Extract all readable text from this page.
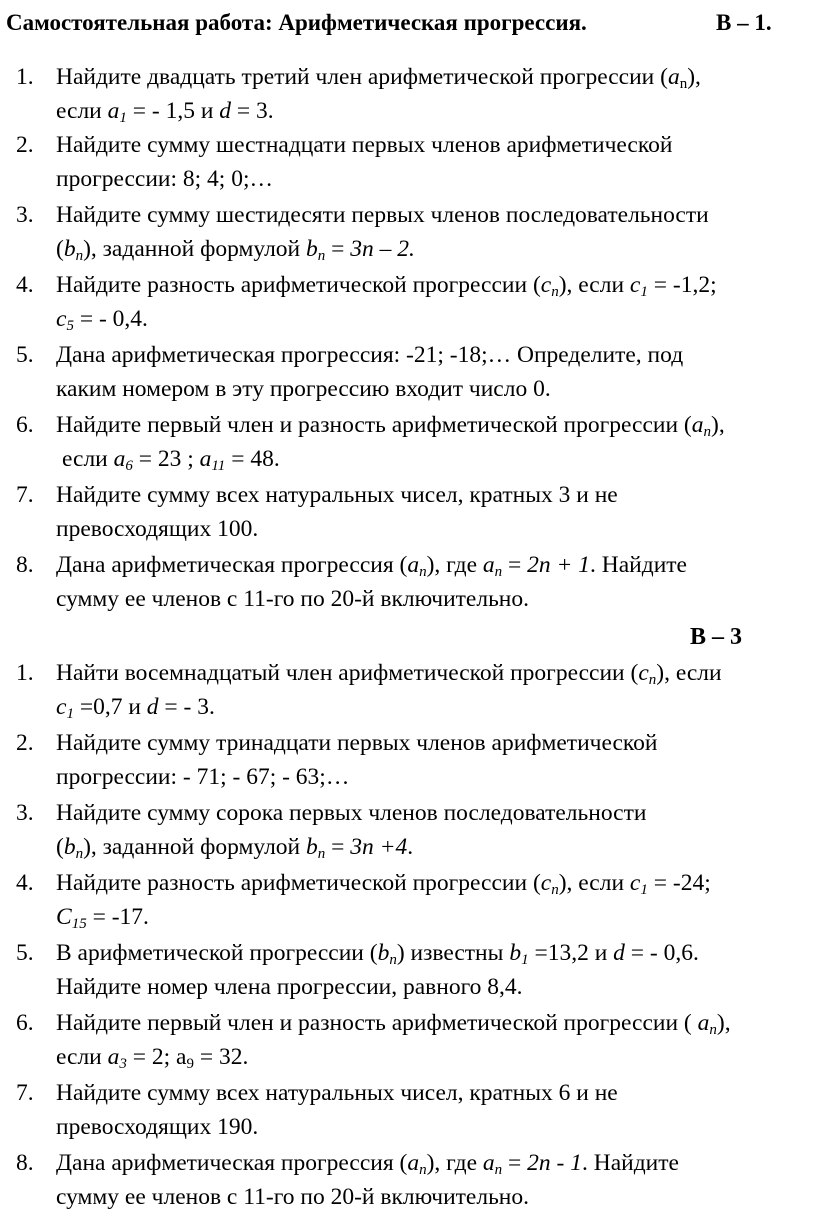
Самостоятельная работа: Арифметическая прогрессия.	В – 1.
1. Найдите двадцать третий член арифметической прогрессии $(а_n)$,
если $a_1$ = - 1,5 и d = 3.
2. Найдите сумму шестнадцати первых членов арифметической
прогрессии: 8; 4; 0;…
3. Найдите сумму шестидесяти первых членов последовательности
$(b_n)$, заданной формулой $b_n = 3n - 2$.
4. Найдите разность арифметической прогрессии $(c_n)$, если $c_1 = -1,2$;
$c_5$ = - 0,4.
5. Дана арифметическая прогрессия: -21; -18;… Определите, под
каким номером в эту прогрессию входит число 0.
6. Найдите первый член и разность арифметической прогрессии $(a_n)$,
если $a_6 = 23$ ; $a_{11} = 48$.
7. Найдите сумму всех натуральных чисел, кратных 3 и не
превосходящих 100.
8. Дана арифметическая прогрессия $(a_n)$, где $a_n = 2n + 1$. Найдите
сумму ее членов с 11-го по 20-й включительно.
В – 3
1. Найти восемнадцатый член арифметической прогрессии $(c_n)$, если
$c_1 =0,7$ и d = - 3.
2. Найдите сумму тринадцати первых членов арифметической
прогрессии: - 71; - 67; - 63;…
3. Найдите сумму сорока первых членов последовательности
$(b_n)$, заданной формулой $b_n = 3n +4$.
4. Найдите разность арифметической прогрессии $(c_n)$, если $c_1 = -24$;
$C_{15} = -17$.
5. В арифметической прогрессии $(b_n)$ известны $b_1 =13,2$ и d = - 0,6.
Найдите номер члена прогрессии, равного 8,4.
6. Найдите первый член и разность арифметической прогрессии ( $a_n$),
если $a_3 = 2$; $а_9 = 32$.
7. Найдите сумму всех натуральных чисел, кратных 6 и не
превосходящих 190.
8. Дана арифметическая прогрессия $(a_n)$, где $a_n = 2n - 1$. Найдите
сумму ее членов с 11-го по 20-й включительно.
